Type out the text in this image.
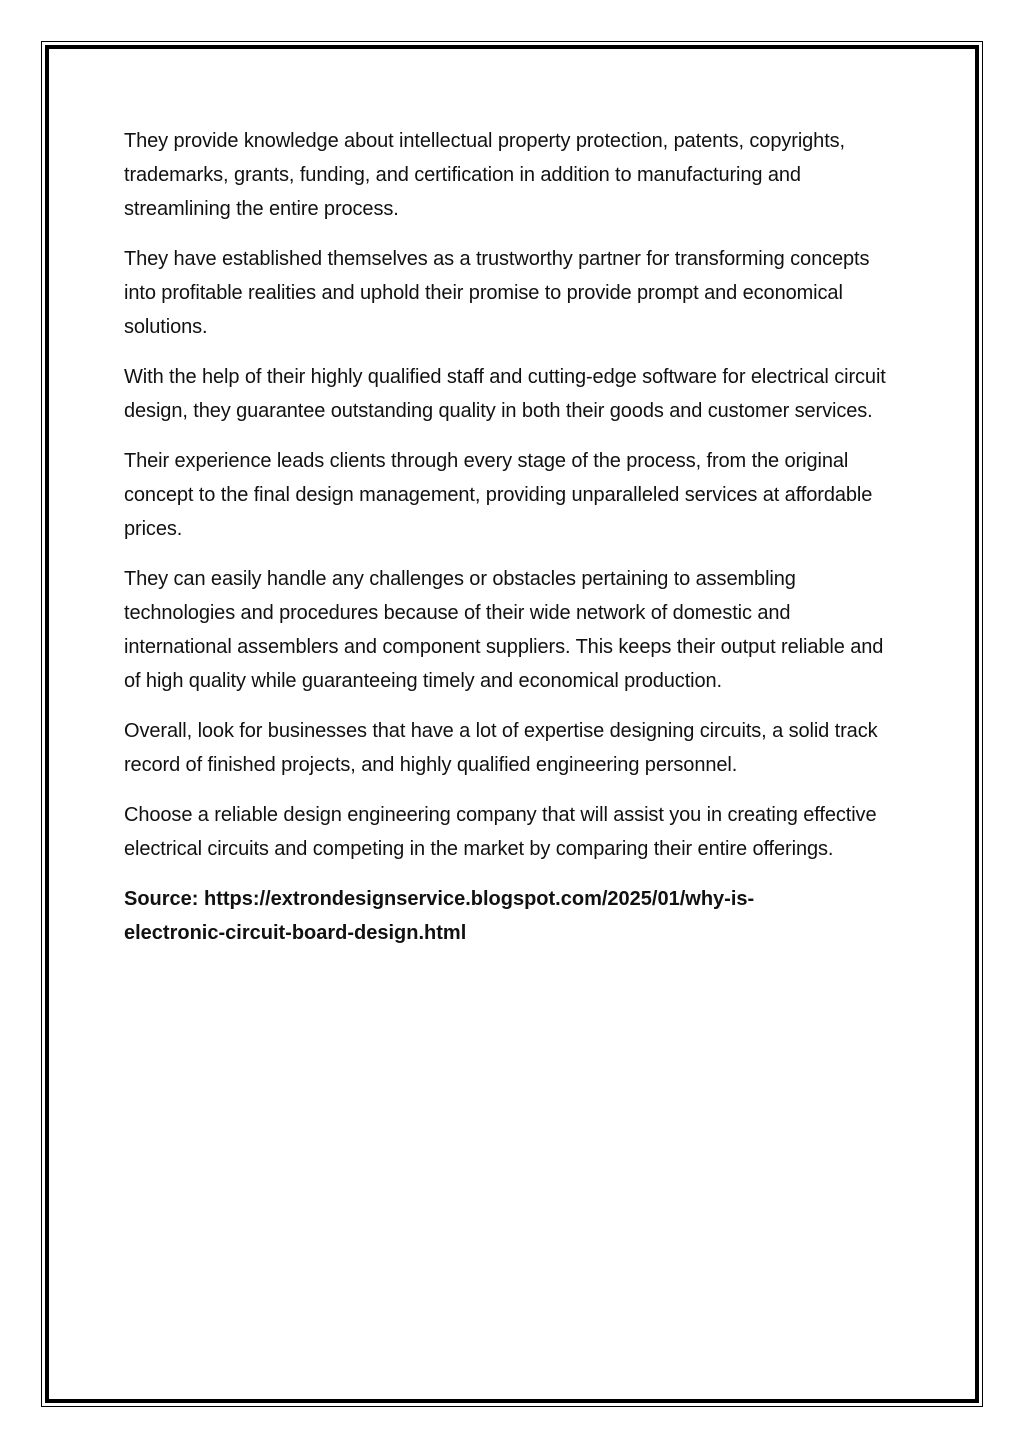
They provide knowledge about intellectual property protection, patents, copyrights, trademarks, grants, funding, and certification in addition to manufacturing and streamlining the entire process.

They have established themselves as a trustworthy partner for transforming concepts into profitable realities and uphold their promise to provide prompt and economical solutions.

With the help of their highly qualified staff and cutting-edge software for electrical circuit design, they guarantee outstanding quality in both their goods and customer services.

Their experience leads clients through every stage of the process, from the original concept to the final design management, providing unparalleled services at affordable prices.

They can easily handle any challenges or obstacles pertaining to assembling technologies and procedures because of their wide network of domestic and international assemblers and component suppliers. This keeps their output reliable and of high quality while guaranteeing timely and economical production.

Overall, look for businesses that have a lot of expertise designing circuits, a solid track record of finished projects, and highly qualified engineering personnel.

Choose a reliable design engineering company that will assist you in creating effective electrical circuits and competing in the market by comparing their entire offerings.

Source: https://extrondesignservice.blogspot.com/2025/01/why-is-
electronic-circuit-board-design.html
